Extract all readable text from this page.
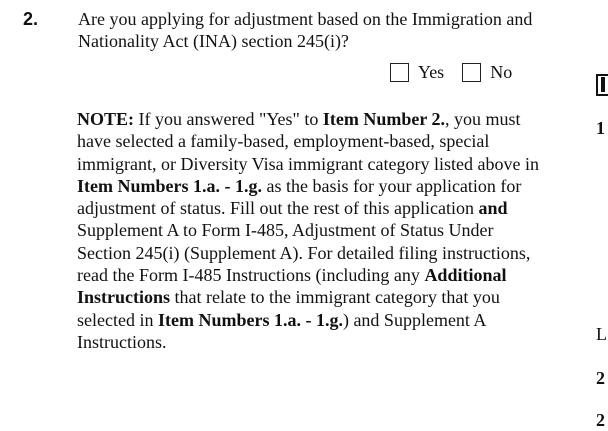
2. Are you applying for adjustment based on the Immigration and Nationality Act (INA) section 245(i)?
Yes	No

NOTE: If you answered "Yes" to Item Number 2., you must have selected a family-based, employment-based, special immigrant, or Diversity Visa immigrant category listed above in Item Numbers 1.a. - 1.g. as the basis for your application for adjustment of status. Fill out the rest of this application and Supplement A to Form I-485, Adjustment of Status Under Section 245(i) (Supplement A). For detailed filing instructions, read the Form I-485 Instructions (including any Additional Instructions that relate to the immigrant category that you selected in Item Numbers 1.a. - 1.g.) and Supplement A Instructions.

1
L
2
2
